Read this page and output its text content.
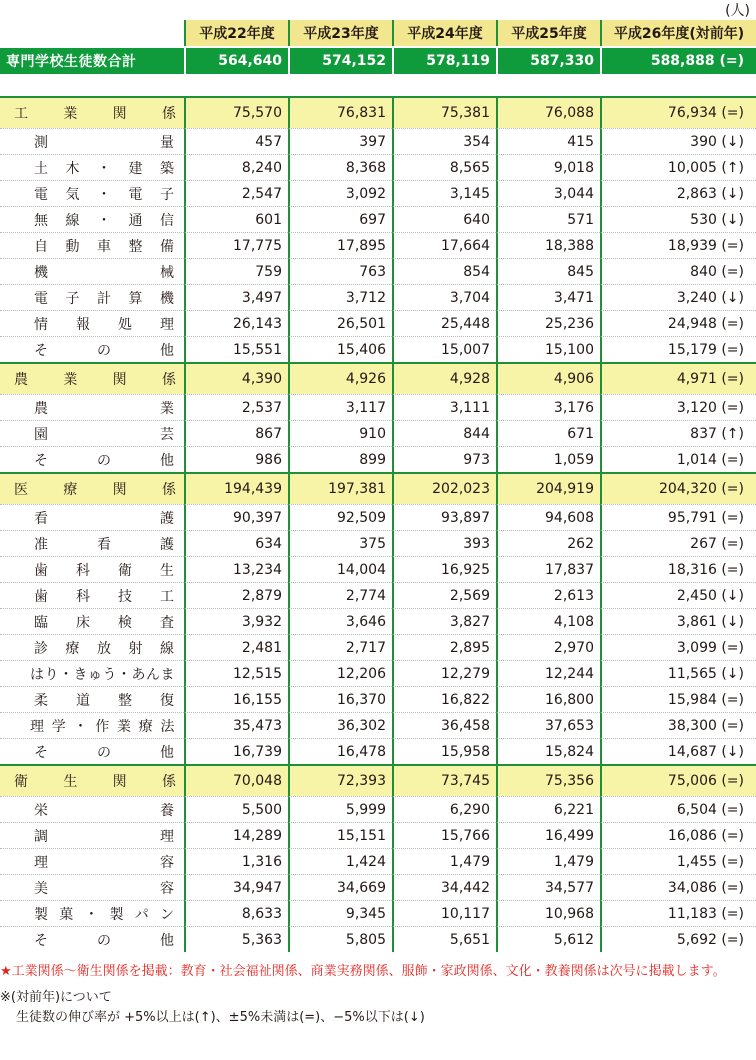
(人)
	平成22年度	平成23年度	平成24年度	平成25年度	平成26年度(対前年)
専門学校生徒数合計	564,640	574,152	578,119	587,330	588,888 (=)

工業関係	75,570	76,831	75,381	76,088	76,934 (=)
測量	457	397	354	415	390 (↓)
土木・建築	8,240	8,368	8,565	9,018	10,005 (↑)
電気・電子	2,547	3,092	3,145	3,044	2,863 (↓)
無線・通信	601	697	640	571	530 (↓)
自動車整備	17,775	17,895	17,664	18,388	18,939 (=)
機械	759	763	854	845	840 (=)
電子計算機	3,497	3,712	3,704	3,471	3,240 (↓)
情報処理	26,143	26,501	25,448	25,236	24,948 (=)
その他	15,551	15,406	15,007	15,100	15,179 (=)
農業関係	4,390	4,926	4,928	4,906	4,971 (=)
農業	2,537	3,117	3,111	3,176	3,120 (=)
園芸	867	910	844	671	837 (↑)
その他	986	899	973	1,059	1,014 (=)
医療関係	194,439	197,381	202,023	204,919	204,320 (=)
看護	90,397	92,509	93,897	94,608	95,791 (=)
准看護	634	375	393	262	267 (=)
歯科衛生	13,234	14,004	16,925	17,837	18,316 (=)
歯科技工	2,879	2,774	2,569	2,613	2,450 (↓)
臨床検査	3,932	3,646	3,827	4,108	3,861 (↓)
診療放射線	2,481	2,717	2,895	2,970	3,099 (=)
はり・きゅう・あんま	12,515	12,206	12,279	12,244	11,565 (↓)
柔道整復	16,155	16,370	16,822	16,800	15,984 (=)
理学・作業療法	35,473	36,302	36,458	37,653	38,300 (=)
その他	16,739	16,478	15,958	15,824	14,687 (↓)
衛生関係	70,048	72,393	73,745	75,356	75,006 (=)
栄養	5,500	5,999	6,290	6,221	6,504 (=)
調理	14,289	15,151	15,766	16,499	16,086 (=)
理容	1,316	1,424	1,479	1,479	1,455 (=)
美容	34,947	34,669	34,442	34,577	34,086 (=)
製菓・製パン	8,633	9,345	10,117	10,968	11,183 (=)
その他	5,363	5,805	5,651	5,612	5,692 (=)
★工業関係～衛生関係を掲載：教育・社会福祉関係、商業実務関係、服飾・家政関係、文化・教養関係は次号に掲載します。
※(対前年)について
生徒数の伸び率が +5%以上は(↑)、±5%未満は(=)、−5%以下は(↓)
